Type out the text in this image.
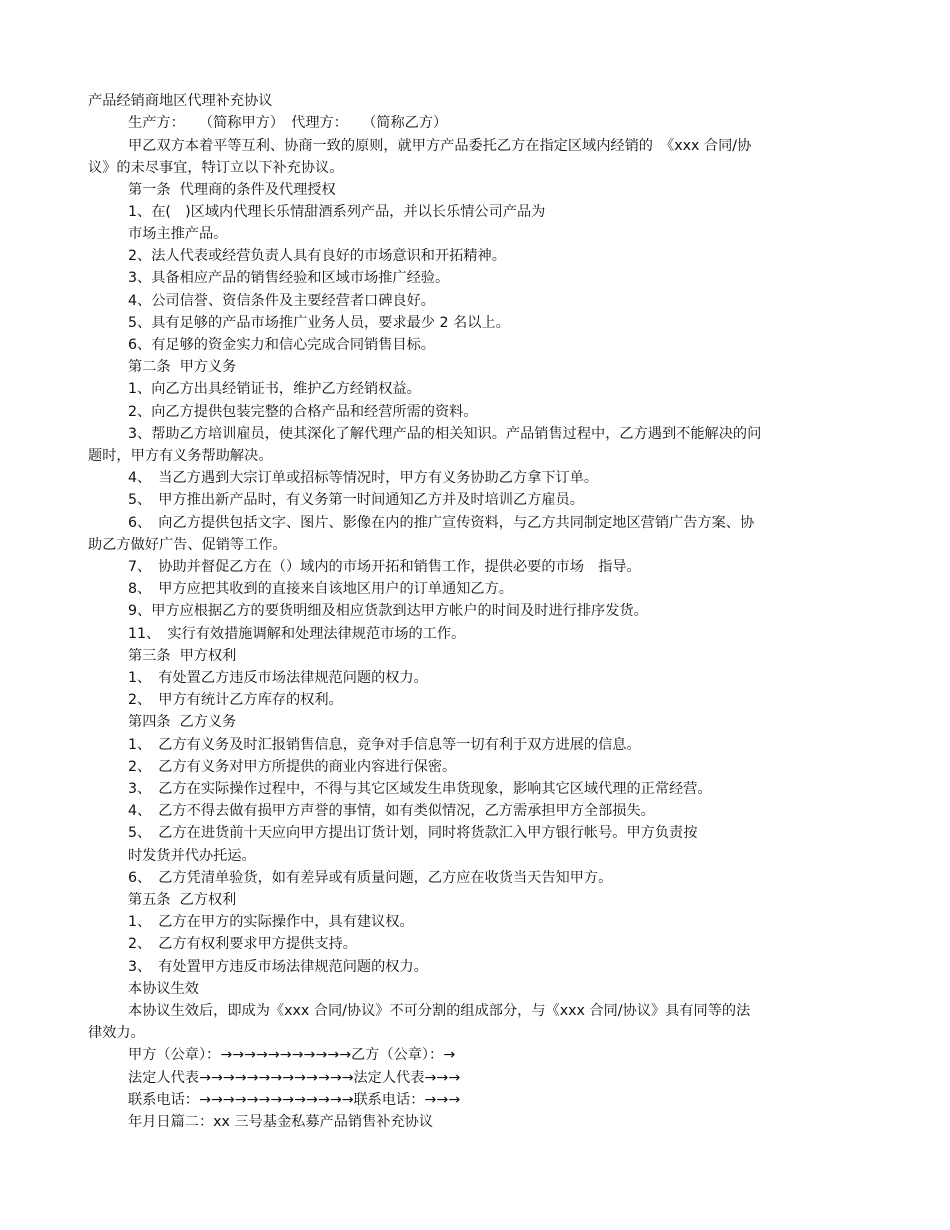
产品经销商地区代理补充协议
生产方：　　（简称甲方）　代理方：　　（简称乙方）
甲乙双方本着平等互利、协商一致的原则，就甲方产品委托乙方在指定区域内经销的　《xxx 合同/协
议》的未尽事宜，特订立以下补充协议。
第一条  代理商的条件及代理授权
1、在(　)区域内代理长乐情甜酒系列产品，并以长乐情公司产品为
市场主推产品。
2、法人代表或经营负责人具有良好的市场意识和开拓精神。
3、具备相应产品的销售经验和区域市场推广经验。
4、公司信誉、资信条件及主要经营者口碑良好。
5、具有足够的产品市场推广业务人员，要求最少 2 名以上。
6、有足够的资金实力和信心完成合同销售目标。
第二条  甲方义务
1、向乙方出具经销证书，维护乙方经销权益。
2、向乙方提供包装完整的合格产品和经营所需的资料。
3、帮助乙方培训雇员，使其深化了解代理产品的相关知识。产品销售过程中，乙方遇到不能解决的问
题时，甲方有义务帮助解决。
4、　当乙方遇到大宗订单或招标等情况时，甲方有义务协助乙方拿下订单。
5、　甲方推出新产品时，有义务第一时间通知乙方并及时培训乙方雇员。
6、　向乙方提供包括文字、图片、影像在内的推广宣传资料，与乙方共同制定地区营销广告方案、协
助乙方做好广告、促销等工作。
7、　协助并督促乙方在（）域内的市场开拓和销售工作，提供必要的市场　指导。
8、　甲方应把其收到的直接来自该地区用户的订单通知乙方。
9、甲方应根据乙方的要货明细及相应货款到达甲方帐户的时间及时进行排序发货。
11、　实行有效措施调解和处理法律规范市场的工作。
第三条  甲方权利
1、　有处置乙方违反市场法律规范问题的权力。
2、　甲方有统计乙方库存的权利。
第四条  乙方义务
1、　乙方有义务及时汇报销售信息，竞争对手信息等一切有利于双方进展的信息。
2、　乙方有义务对甲方所提供的商业内容进行保密。
3、　乙方在实际操作过程中，不得与其它区域发生串货现象，影响其它区域代理的正常经营。
4、　乙方不得去做有损甲方声誉的事情，如有类似情况，乙方需承担甲方全部损失。
5、　乙方在进货前十天应向甲方提出订货计划，同时将货款汇入甲方银行帐号。甲方负责按
时发货并代办托运。
6、　乙方凭清单验货，如有差异或有质量问题，乙方应在收货当天告知甲方。
第五条  乙方权利
1、　乙方在甲方的实际操作中，具有建议权。
2、　乙方有权利要求甲方提供支持。
3、　有处置甲方违反市场法律规范问题的权力。
本协议生效
本协议生效后，即成为《xxx 合同/协议》不可分割的组成部分，与《xxx 合同/协议》具有同等的法
律效力。
甲方（公章）：→→→→→→→→→→→乙方（公章）：→
法定人代表→→→→→→→→→→→→→法定人代表→→→
联系电话：→→→→→→→→→→→→→联系电话：→→→
年月日篇二：xx 三号基金私募产品销售补充协议
